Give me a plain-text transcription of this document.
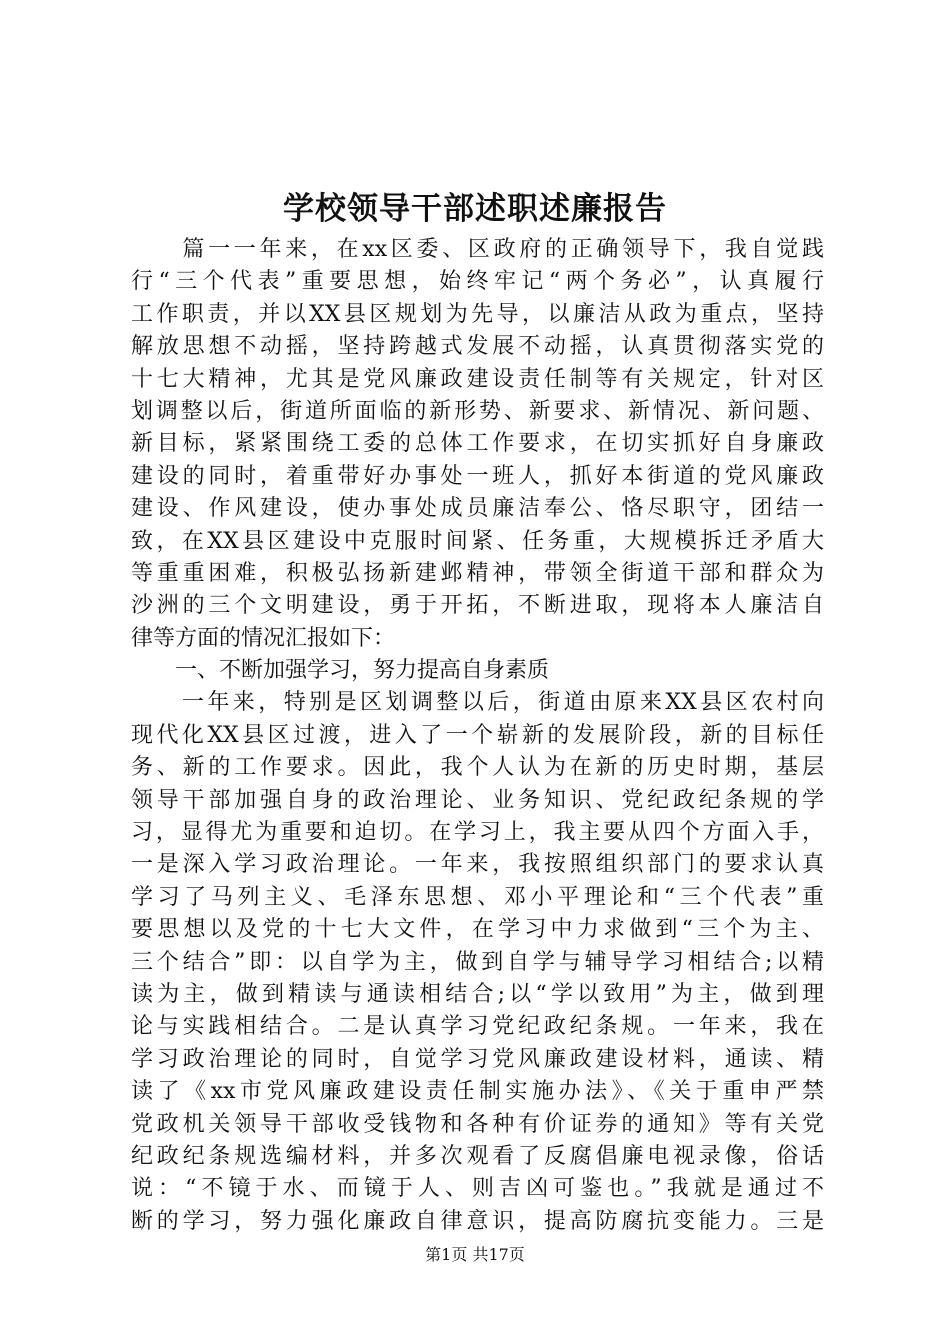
学校领导干部述职述廉报告
　　篇一一年来，在xx区委、区政府的正确领导下，我自觉践
行“三个代表”重要思想，始终牢记“两个务必”，认真履行
工作职责，并以XX县区规划为先导，以廉洁从政为重点，坚持
解放思想不动摇，坚持跨越式发展不动摇，认真贯彻落实党的
十七大精神，尤其是党风廉政建设责任制等有关规定，针对区
划调整以后，街道所面临的新形势、新要求、新情况、新问题、
新目标，紧紧围绕工委的总体工作要求，在切实抓好自身廉政
建设的同时，着重带好办事处一班人，抓好本街道的党风廉政
建设、作风建设，使办事处成员廉洁奉公、恪尽职守，团结一
致，在XX县区建设中克服时间紧、任务重，大规模拆迁矛盾大
等重重困难，积极弘扬新建邺精神，带领全街道干部和群众为
沙洲的三个文明建设，勇于开拓，不断进取，现将本人廉洁自
律等方面的情况汇报如下：
　　一、不断加强学习，努力提高自身素质
　　一年来，特别是区划调整以后，街道由原来XX县区农村向
现代化XX县区过渡，进入了一个崭新的发展阶段，新的目标任
务、新的工作要求。因此，我个人认为在新的历史时期，基层
领导干部加强自身的政治理论、业务知识、党纪政纪条规的学
习，显得尤为重要和迫切。在学习上，我主要从四个方面入手，
一是深入学习政治理论。一年来，我按照组织部门的要求认真
学习了马列主义、毛泽东思想、邓小平理论和“三个代表”重
要思想以及党的十七大文件，在学习中力求做到“三个为主、
三个结合”即：以自学为主，做到自学与辅导学习相结合;以精
读为主，做到精读与通读相结合;以“学以致用”为主，做到理
论与实践相结合。二是认真学习党纪政纪条规。一年来，我在
学习政治理论的同时，自觉学习党风廉政建设材料，通读、精
读了《xx市党风廉政建设责任制实施办法》、《关于重申严禁
党政机关领导干部收受钱物和各种有价证券的通知》等有关党
纪政纪条规选编材料，并多次观看了反腐倡廉电视录像，俗话
说：“不镜于水、而镜于人、则吉凶可鉴也。”我就是通过不
断的学习，努力强化廉政自律意识，提高防腐抗变能力。三是
第1页 共17页
